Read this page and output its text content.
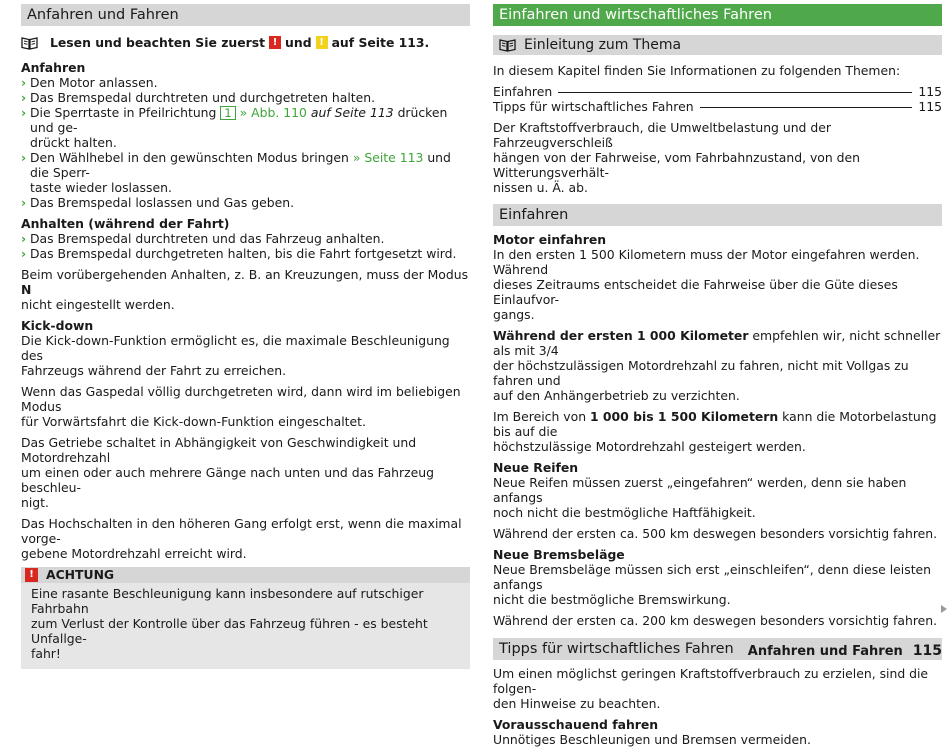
Anfahren und Fahren
Lesen und beachten Sie zuerst ! und ! auf Seite 113.
Anfahren
› Den Motor anlassen.
› Das Bremspedal durchtreten und durchgetreten halten.
› Die Sperrtaste in Pfeilrichtung 1 » Abb. 110 auf Seite 113 drücken und ge-
drückt halten.
› Den Wählhebel in den gewünschten Modus bringen » Seite 113 und die Sperr-
taste wieder loslassen.
› Das Bremspedal loslassen und Gas geben.
Anhalten (während der Fahrt)
› Das Bremspedal durchtreten und das Fahrzeug anhalten.
› Das Bremspedal durchgetreten halten, bis die Fahrt fortgesetzt wird.

Beim vorübergehenden Anhalten, z. B. an Kreuzungen, muss der Modus N
nicht eingestellt werden.

Kick-down
Die Kick-down-Funktion ermöglicht es, die maximale Beschleunigung des
Fahrzeugs während der Fahrt zu erreichen.

Wenn das Gaspedal völlig durchgetreten wird, dann wird im beliebigen Modus
für Vorwärtsfahrt die Kick-down-Funktion eingeschaltet.

Das Getriebe schaltet in Abhängigkeit von Geschwindigkeit und Motordrehzahl
um einen oder auch mehrere Gänge nach unten und das Fahrzeug beschleu-
nigt.

Das Hochschalten in den höheren Gang erfolgt erst, wenn die maximal vorge-
gebene Motordrehzahl erreicht wird.

! ACHTUNG
Eine rasante Beschleunigung kann insbesondere auf rutschiger Fahrbahn
zum Verlust der Kontrolle über das Fahrzeug führen - es besteht Unfallge-
fahr!
Einfahren und wirtschaftliches Fahren
Einleitung zum Thema

In diesem Kapitel finden Sie Informationen zu folgenden Themen:

Einfahren	115
Tipps für wirtschaftliches Fahren	115

Der Kraftstoffverbrauch, die Umweltbelastung und der Fahrzeugverschleiß
hängen von der Fahrweise, vom Fahrbahnzustand, von den Witterungsverhält-
nissen u. Ä. ab.

Einfahren
Motor einfahren
In den ersten 1 500 Kilometern muss der Motor eingefahren werden. Während
dieses Zeitraums entscheidet die Fahrweise über die Güte dieses Einlaufvor-
gangs.

Während der ersten 1 000 Kilometer empfehlen wir, nicht schneller als mit 3/4
der höchstzulässigen Motordrehzahl zu fahren, nicht mit Vollgas zu fahren und
auf den Anhängerbetrieb zu verzichten.

Im Bereich von 1 000 bis 1 500 Kilometern kann die Motorbelastung bis auf die
höchstzulässige Motordrehzahl gesteigert werden.

Neue Reifen
Neue Reifen müssen zuerst „eingefahren“ werden, denn sie haben anfangs
noch nicht die bestmögliche Haftfähigkeit.

Während der ersten ca. 500 km deswegen besonders vorsichtig fahren.

Neue Bremsbeläge
Neue Bremsbeläge müssen sich erst „einschleifen“, denn diese leisten anfangs
nicht die bestmögliche Bremswirkung.

Während der ersten ca. 200 km deswegen besonders vorsichtig fahren.

Tipps für wirtschaftliches Fahren

Um einen möglichst geringen Kraftstoffverbrauch zu erzielen, sind die folgen-
den Hinweise zu beachten.

Vorausschauend fahren
Unnötiges Beschleunigen und Bremsen vermeiden.
Anfahren und Fahren 115
